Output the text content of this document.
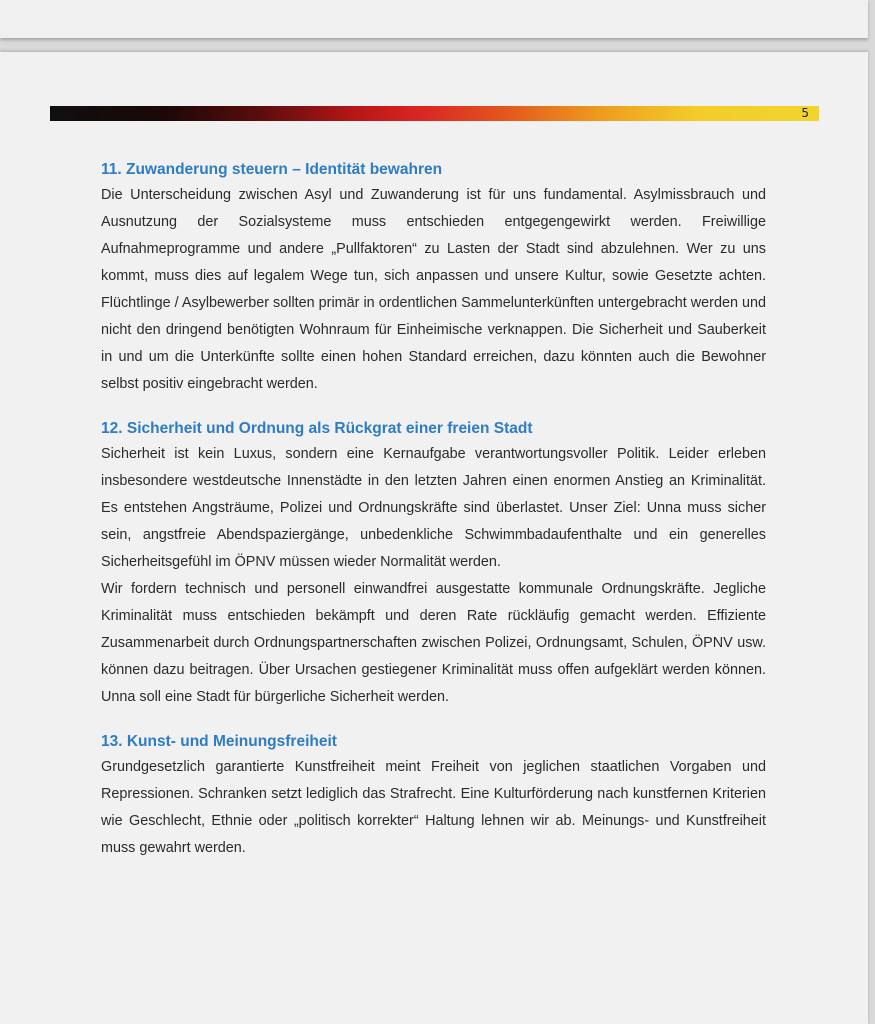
5
11. Zuwanderung steuern – Identität bewahren

Die Unterscheidung zwischen Asyl und Zuwanderung ist für uns fundamental. Asylmissbrauch und Ausnutzung der Sozialsysteme muss entschieden entgegengewirkt werden. Freiwillige Aufnahmeprogramme und andere „Pullfaktoren“ zu Lasten der Stadt sind abzulehnen. Wer zu uns kommt, muss dies auf legalem Wege tun, sich anpassen und unsere Kultur, sowie Gesetzte achten. Flüchtlinge / Asylbewerber sollten primär in ordentlichen Sammelunterkünften untergebracht werden und nicht den dringend benötigten Wohnraum für Einheimische verknappen. Die Sicherheit und Sauberkeit in und um die Unterkünfte sollte einen hohen Standard erreichen, dazu könnten auch die Bewohner selbst positiv eingebracht werden.

12. Sicherheit und Ordnung als Rückgrat einer freien Stadt

Sicherheit ist kein Luxus, sondern eine Kernaufgabe verantwortungsvoller Politik. Leider erleben insbesondere westdeutsche Innenstädte in den letzten Jahren einen enormen Anstieg an Kriminalität. Es entstehen Angsträume, Polizei und Ordnungskräfte sind überlastet. Unser Ziel: Unna muss sicher sein, angstfreie Abendspaziergänge, unbedenkliche Schwimmbadaufenthalte und ein generelles Sicherheitsgefühl im ÖPNV müssen wieder Normalität werden.

Wir fordern technisch und personell einwandfrei ausgestatte kommunale Ordnungskräfte. Jegliche Kriminalität muss entschieden bekämpft und deren Rate rückläufig gemacht werden. Effiziente Zusammenarbeit durch Ordnungspartnerschaften zwischen Polizei, Ordnungsamt, Schulen, ÖPNV usw. können dazu beitragen. Über Ursachen gestiegener Kriminalität muss offen aufgeklärt werden können. Unna soll eine Stadt für bürgerliche Sicherheit werden.

13. Kunst- und Meinungsfreiheit

Grundgesetzlich garantierte Kunstfreiheit meint Freiheit von jeglichen staatlichen Vorgaben und Repressionen. Schranken setzt lediglich das Strafrecht. Eine Kulturförderung nach kunstfernen Kriterien wie Geschlecht, Ethnie oder „politisch korrekter“ Haltung lehnen wir ab. Meinungs- und Kunstfreiheit muss gewahrt werden.
